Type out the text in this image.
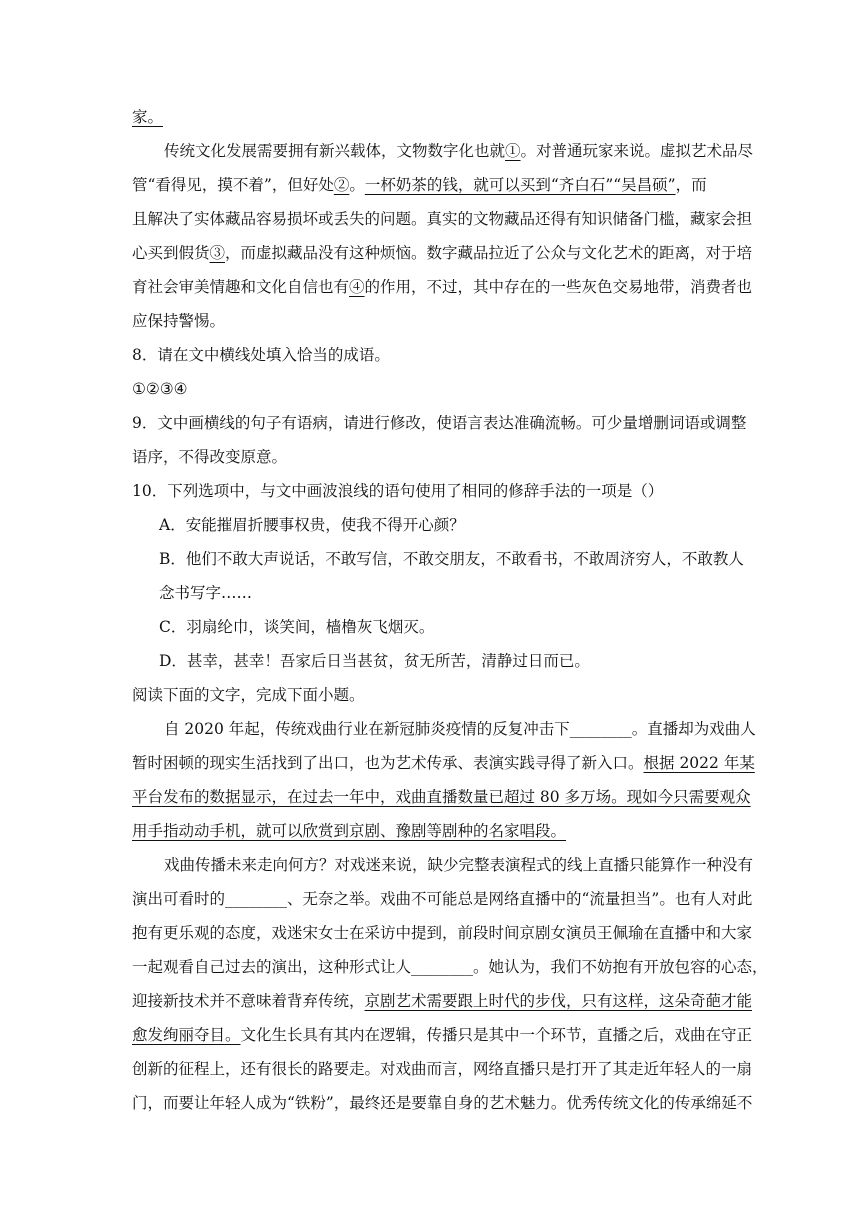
家。
传统文化发展需要拥有新兴载体，文物数字化也就①。对普通玩家来说。虚拟艺术品尽
管“看得见，摸不着”，但好处②。一杯奶茶的钱，就可以买到“齐白石”“吴昌硕”，而
且解决了实体藏品容易损坏或丢失的问题。真实的文物藏品还得有知识储备门槛，藏家会担
心买到假货③，而虚拟藏品没有这种烦恼。数字藏品拉近了公众与文化艺术的距离，对于培
育社会审美情趣和文化自信也有④的作用，不过，其中存在的一些灰色交易地带，消费者也
应保持警惕。
8．请在文中横线处填入恰当的成语。
①②③④
9．文中画横线的句子有语病，请进行修改，使语言表达准确流畅。可少量增删词语或调整
语序，不得改变原意。
10．下列选项中，与文中画波浪线的语句使用了相同的修辞手法的一项是（）
A．安能摧眉折腰事权贵，使我不得开心颜？
B．他们不敢大声说话，不敢写信，不敢交朋友，不敢看书，不敢周济穷人，不敢教人
念书写字……
C．羽扇纶巾，谈笑间，樯橹灰飞烟灭。
D．甚幸，甚幸！吾家后日当甚贫，贫无所苦，清静过日而已。
阅读下面的文字，完成下面小题。
自 2020 年起，传统戏曲行业在新冠肺炎疫情的反复冲击下________。直播却为戏曲人
暂时困顿的现实生活找到了出口，也为艺术传承、表演实践寻得了新入口。根据 2022 年某
平台发布的数据显示，在过去一年中，戏曲直播数量已超过 80 多万场。现如今只需要观众
用手指动动手机，就可以欣赏到京剧、豫剧等剧种的名家唱段。
戏曲传播未来走向何方？对戏迷来说，缺少完整表演程式的线上直播只能算作一种没有
演出可看时的________、无奈之举。戏曲不可能总是网络直播中的“流量担当”。也有人对此
抱有更乐观的态度，戏迷宋女士在采访中提到，前段时间京剧女演员王佩瑜在直播中和大家
一起观看自己过去的演出，这种形式让人________。她认为，我们不妨抱有开放包容的心态，
迎接新技术并不意味着背弃传统，京剧艺术需要跟上时代的步伐，只有这样，这朵奇葩才能
愈发绚丽夺目。文化生长具有其内在逻辑，传播只是其中一个环节，直播之后，戏曲在守正
创新的征程上，还有很长的路要走。对戏曲而言，网络直播只是打开了其走近年轻人的一扇
门，而要让年轻人成为“铁粉”，最终还是要靠自身的艺术魅力。优秀传统文化的传承绵延不
